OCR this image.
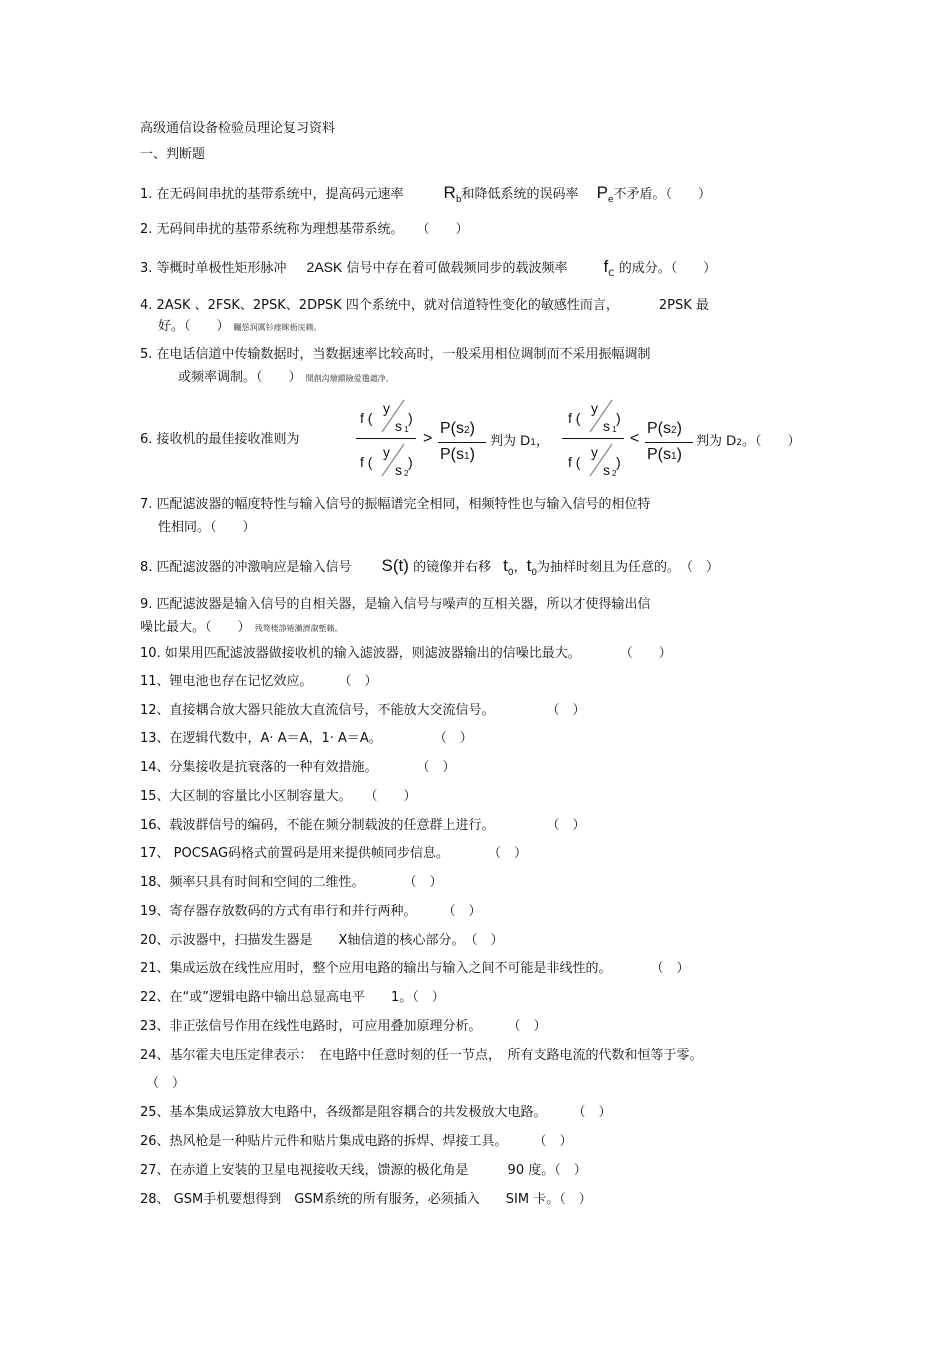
高级通信设备检验员理论复习资料
一、判断题
1. 在无码间串扰的基带系统中，提高码元速率 $R_b$和降低系统的误码率 $P_e$不矛盾。（　　）
2. 无码间串扰的基带系统称为理想基带系统。　　（　　）
3. 等概时单极性矩形脉冲 2ASK 信号中存在着可做载频同步的载波频率 $f_C$ 的成分。（　　）
4. 2ASK 、2FSK、2PSK、2DPSK 四个系统中，就对信道特性变化的敏感性而言，	2PSK 最
好。（　　） 矚慫润厲钐瘗睞枥庑赖。
5. 在电话信道中传输数据时，当数据速率比较高时，一般采用相位调制而不采用振幅调制
或频率调制。（　　） 聞創沟燴鐺險爱氇谴净。
6. 接收机的最佳接收准则为
f (
y
s 1
)
f (
y
s 2
)
>
P(s2)
P(s1)
判为 D1，
f (
y
s 1
)
f (
y
s 2
)
<
P(s2)
P(s1)
判为 D2。（　　）
7. 匹配滤波器的幅度特性与输入信号的振幅谱完全相同，相频特性也与输入信号的相位特
性相同。（　　）
8. 匹配滤波器的冲激响应是输入信号 S(t) 的镜像并右移 $t_0$，$t_0$为抽样时刻且为任意的。　（　）
9. 匹配滤波器是输入信号的自相关器，是输入信号与噪声的互相关器，所以才使得输出信
噪比最大。（　　） 残骛楼諍锩瀨濟溆塹籟。
10. 如果用匹配滤波器做接收机的输入滤波器，则滤波器输出的信噪比最大。　　　　（　　）
11、锂电池也存在记忆效应。　　　（　）
12、直接耦合放大器只能放大直流信号，不能放大交流信号。　　　　　（　）
13、在逻辑代数中，A· A＝A，1· A＝A。　　　　　（　）
14、分集接收是抗衰落的一种有效措施。　　　　（　）
15、大区制的容量比小区制容量大。　　（　　）
16、载波群信号的编码，不能在频分制载波的任意群上进行。　　　　　（　）
17、 POCSAG码格式前置码是用来提供帧同步信息。　　　　（　）
18、频率只具有时间和空间的二维性。　　　　（　）
19、寄存器存放数码的方式有串行和并行两种。　　　（　）
20、示波器中，扫描发生器是　　X轴信道的核心部分。　（　）
21、集成运放在线性应用时，整个应用电路的输出与输入之间不可能是非线性的。　　　　（　）
22、在“或”逻辑电路中输出总显高电平　　1。（　）
23、非正弦信号作用在线性电路时，可应用叠加原理分析。　　　（　）
24、基尔霍夫电压定律表示：　在电路中任意时刻的任一节点，　所有支路电流的代数和恒等于零。
（　）
25、基本集成运算放大电路中，各级都是阻容耦合的共发极放大电路。　　　（　）
26、热风枪是一种贴片元件和贴片集成电路的拆焊、焊接工具。　　　（　）
27、在赤道上安装的卫星电视接收天线，馈源的极化角是　　　90 度。（　）
28、 GSM手机要想得到　GSM系统的所有服务，必须插入　　SIM 卡。（　）
